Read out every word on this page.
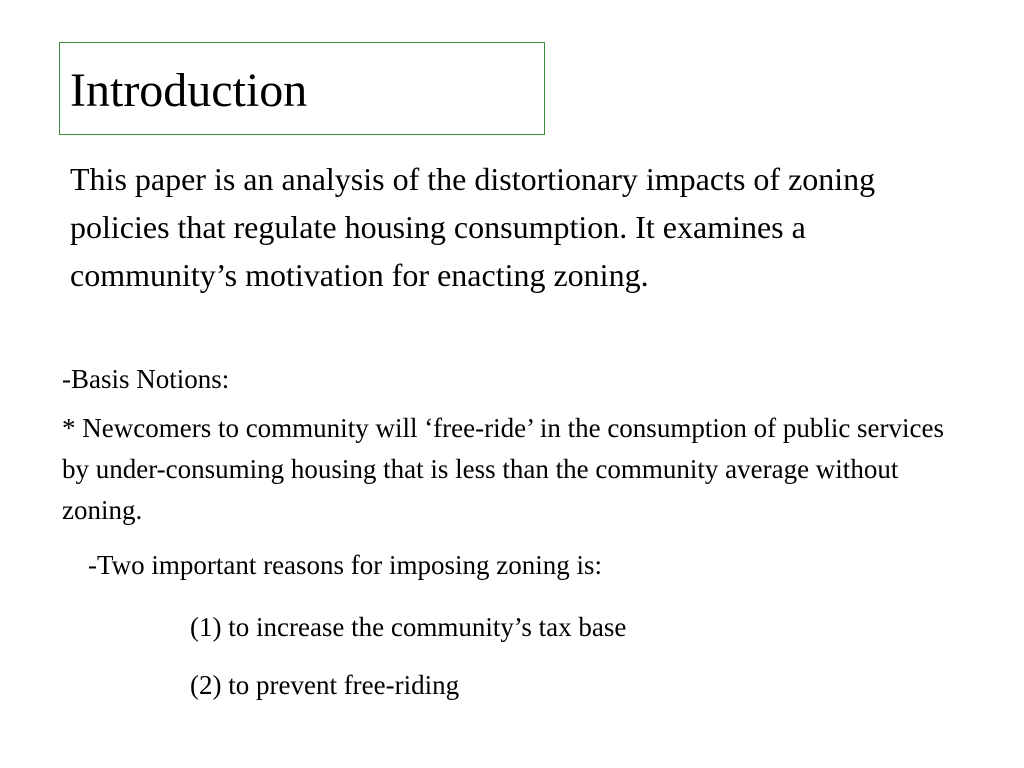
Introduction

This paper is an analysis of the distortionary impacts of zoning policies that regulate housing consumption. It examines a community’s motivation for enacting zoning.

-Basis Notions:

* Newcomers to community will ‘free-ride’ in the consumption of public services by under-consuming housing that is less than the community average without zoning.

-Two important reasons for imposing zoning is:

(1) to increase the community’s tax base

(2) to prevent free-riding
